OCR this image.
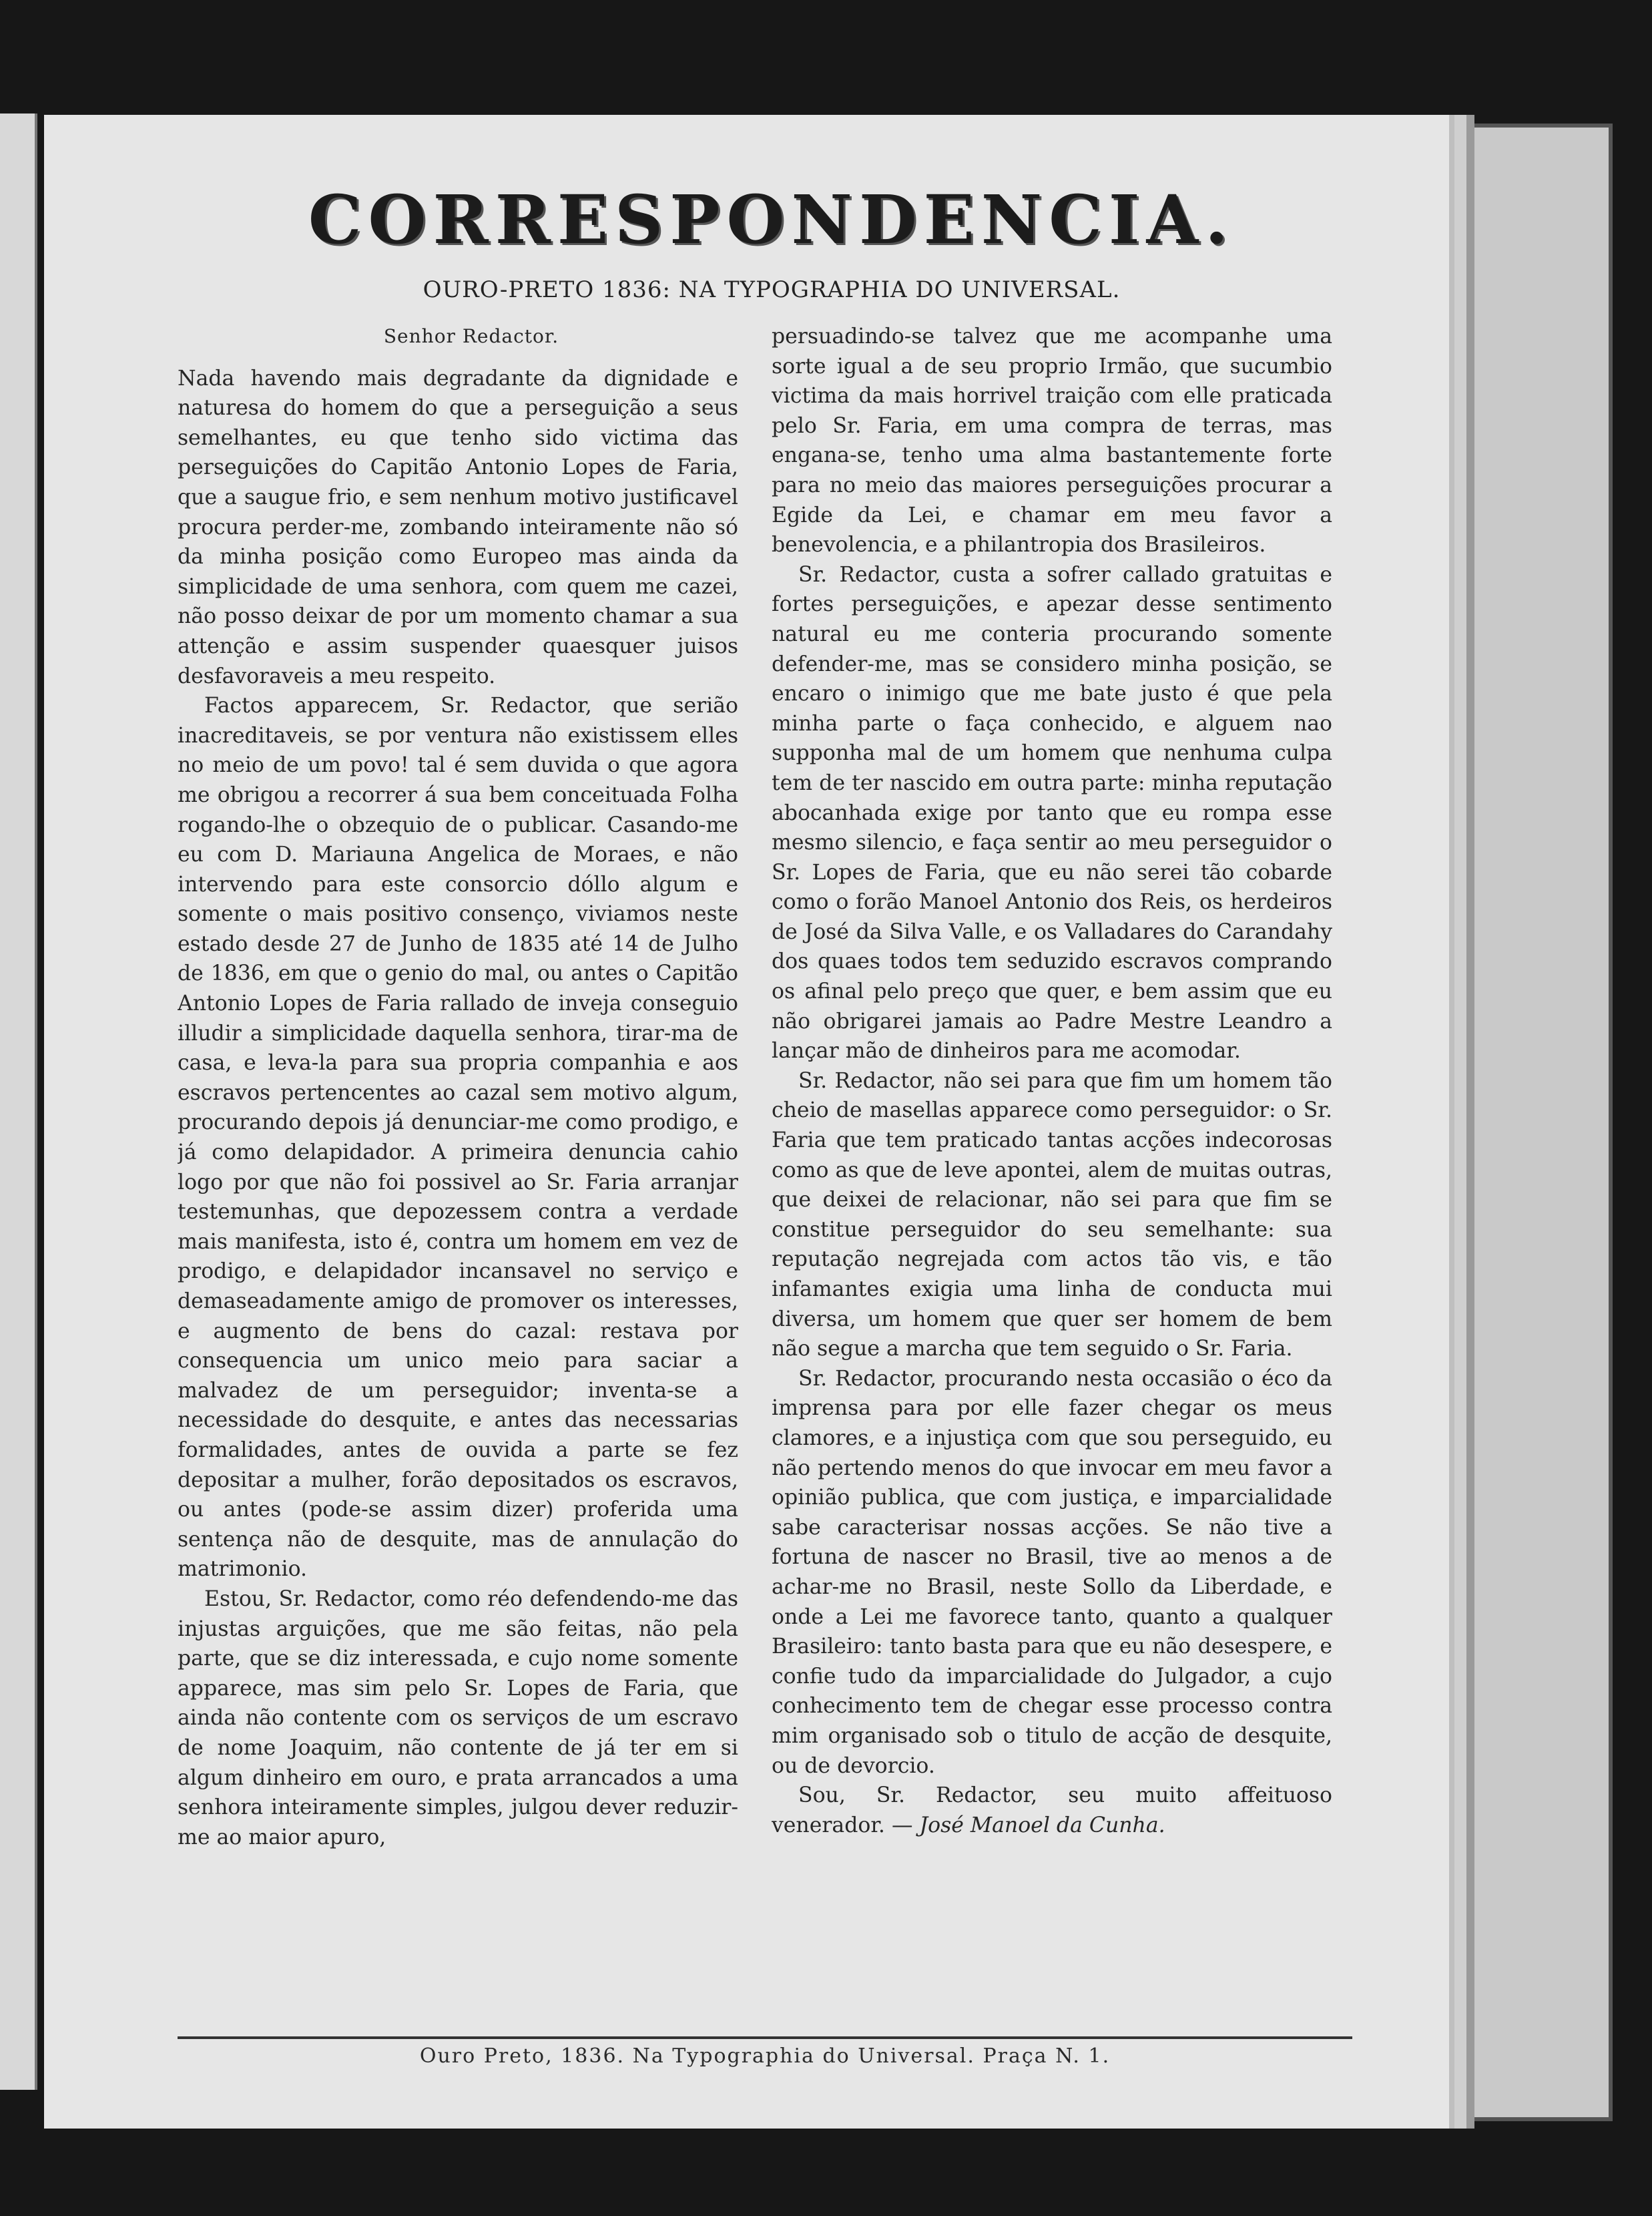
CORRESPONDENCIA.
OURO-PRETO 1836: NA TYPOGRAPHIA DO UNIVERSAL.
Senhor Redactor.

Nada havendo mais degradante da dignidade e naturesa do homem do que a perseguição a seus semelhantes, eu que tenho sido victima das perseguições do Capitão Antonio Lopes de Faria, que a saugue frio, e sem nenhum motivo justificavel procura perder-me, zombando inteiramente não só da minha posição como Europeo mas ainda da simplicidade de uma senhora, com quem me cazei, não posso deixar de por um momento chamar a sua attenção e assim suspender quaesquer juisos desfavoraveis a meu respeito.

Factos apparecem, Sr. Redactor, que serião inacreditaveis, se por ventura não existissem elles no meio de um povo! tal é sem duvida o que agora me obrigou a recorrer á sua bem conceituada Folha rogando-lhe o obzequio de o publicar. Casando-me eu com D. Mariauna Angelica de Moraes, e não intervendo para este consorcio dóllo algum e somente o mais positivo consenço, viviamos neste estado desde 27 de Junho de 1835 até 14 de Julho de 1836, em que o genio do mal, ou antes o Capitão Antonio Lopes de Faria rallado de inveja conseguio illudir a simplicidade daquella senhora, tirar-ma de casa, e leva-la para sua propria companhia e aos escravos pertencentes ao cazal sem motivo algum, procurando depois já denunciar-me como prodigo, e já como delapidador. A primeira denuncia cahio logo por que não foi possivel ao Sr. Faria arranjar testemunhas, que depozessem contra a verdade mais manifesta, isto é, contra um homem em vez de prodigo, e delapidador incansavel no serviço e demaseadamente amigo de promover os interesses, e augmento de bens do cazal: restava por consequencia um unico meio para saciar a malvadez de um perseguidor; inventa-se a necessidade do desquite, e antes das necessarias formalidades, antes de ouvida a parte se fez depositar a mulher, forão depositados os escravos, ou antes (pode-se assim dizer) proferida uma sentença não de desquite, mas de annulação do matrimonio.

Estou, Sr. Redactor, como réo defendendo-me das injustas arguições, que me são feitas, não pela parte, que se diz interessada, e cujo nome somente apparece, mas sim pelo Sr. Lopes de Faria, que ainda não contente com os serviços de um escravo de nome Joaquim, não contente de já ter em si algum dinheiro em ouro, e prata arrancados a uma senhora inteiramente simples, julgou dever reduzir-me ao maior apuro,

persuadindo-se talvez que me acompanhe uma sorte igual a de seu proprio Irmão, que sucumbio victima da mais horrivel traição com elle praticada pelo Sr. Faria, em uma compra de terras, mas engana-se, tenho uma alma bastantemente forte para no meio das maiores perseguições procurar a Egide da Lei, e chamar em meu favor a benevolencia, e a philantropia dos Brasileiros.

Sr. Redactor, custa a sofrer callado gratuitas e fortes perseguições, e apezar desse sentimento natural eu me conteria procurando somente defender-me, mas se considero minha posição, se encaro o inimigo que me bate justo é que pela minha parte o faça conhecido, e alguem nao supponha mal de um homem que nenhuma culpa tem de ter nascido em outra parte: minha reputação abocanhada exige por tanto que eu rompa esse mesmo silencio, e faça sentir ao meu perseguidor o Sr. Lopes de Faria, que eu não serei tão cobarde como o forão Manoel Antonio dos Reis, os herdeiros de José da Silva Valle, e os Valladares do Carandahy dos quaes todos tem seduzido escravos comprando os afinal pelo preço que quer, e bem assim que eu não obrigarei jamais ao Padre Mestre Leandro a lançar mão de dinheiros para me acomodar.

Sr. Redactor, não sei para que fim um homem tão cheio de masellas apparece como perseguidor: o Sr. Faria que tem praticado tantas acções indecorosas como as que de leve apontei, alem de muitas outras, que deixei de relacionar, não sei para que fim se constitue perseguidor do seu semelhante: sua reputação negrejada com actos tão vis, e tão infamantes exigia uma linha de conducta mui diversa, um homem que quer ser homem de bem não segue a marcha que tem seguido o Sr. Faria.

Sr. Redactor, procurando nesta occasião o éco da imprensa para por elle fazer chegar os meus clamores, e a injustiça com que sou perseguido, eu não pertendo menos do que invocar em meu favor a opinião publica, que com justiça, e imparcialidade sabe caracterisar nossas acções. Se não tive a fortuna de nascer no Brasil, tive ao menos a de achar-me no Brasil, neste Sollo da Liberdade, e onde a Lei me favorece tanto, quanto a qualquer Brasileiro: tanto basta para que eu não desespere, e confie tudo da imparcialidade do Julgador, a cujo conhecimento tem de chegar esse processo contra mim organisado sob o titulo de acção de desquite, ou de devorcio.

Sou, Sr. Redactor, seu muito affeituoso venerador. — José Manoel da Cunha.

Ouro Preto, 1836. Na Typographia do Universal. Praça N. 1.
